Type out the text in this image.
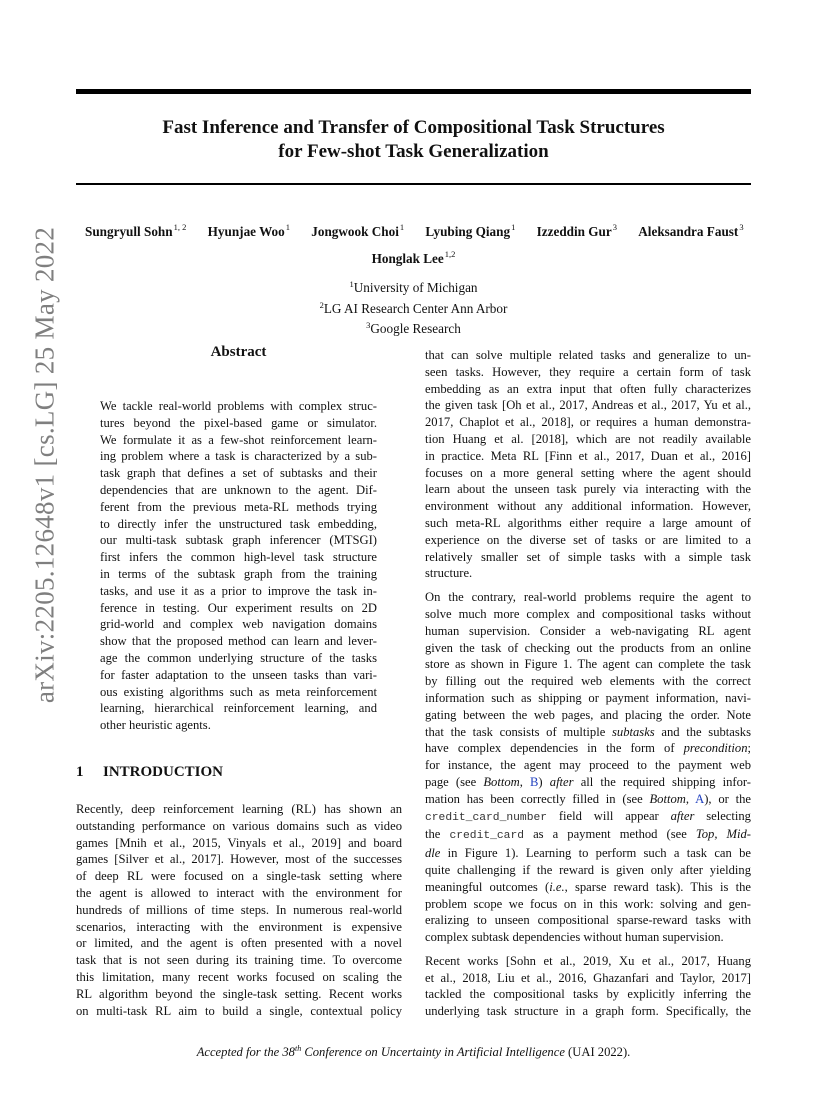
Fast Inference and Transfer of Compositional Task Structures
for Few-shot Task Generalization
Sungryull Sohn$^{1, 2}$ Hyunjae Woo$^1$ Jongwook Choi$^1$ Lyubing Qiang$^1$ Izzeddin Gur$^3$ Aleksandra Faust$^3$
Honglak Lee$^{1,2}$
$^1$University of Michigan
$^2$LG AI Research Center Ann Arbor
$^3$Google Research
arXiv:2205.12648v1 [cs.LG] 25 May 2022	Abstract
We tackle real-world problems with complex struc-
tures beyond the pixel-based game or simulator.
We formulate it as a few-shot reinforcement learn-
ing problem where a task is characterized by a sub-
task graph that defines a set of subtasks and their
dependencies that are unknown to the agent. Dif-
ferent from the previous meta-RL methods trying
to directly infer the unstructured task embedding,
our multi-task subtask graph inferencer (MTSGI)
first infers the common high-level task structure
in terms of the subtask graph from the training
tasks, and use it as a prior to improve the task in-
ference in testing. Our experiment results on 2D
grid-world and complex web navigation domains
show that the proposed method can learn and lever-
age the common underlying structure of the tasks
for faster adaptation to the unseen tasks than vari-
ous existing algorithms such as meta reinforcement
learning, hierarchical reinforcement learning, and
other heuristic agents.
1 INTRODUCTION
Recently, deep reinforcement learning (RL) has shown an
outstanding performance on various domains such as video
games [Mnih et al., 2015, Vinyals et al., 2019] and board
games [Silver et al., 2017]. However, most of the successes
of deep RL were focused on a single-task setting where
the agent is allowed to interact with the environment for
hundreds of millions of time steps. In numerous real-world
scenarios, interacting with the environment is expensive
or limited, and the agent is often presented with a novel
task that is not seen during its training time. To overcome
this limitation, many recent works focused on scaling the
RL algorithm beyond the single-task setting. Recent works
on multi-task RL aim to build a single, contextual policy
that can solve multiple related tasks and generalize to un-
seen tasks. However, they require a certain form of task
embedding as an extra input that often fully characterizes
the given task [Oh et al., 2017, Andreas et al., 2017, Yu et al.,
2017, Chaplot et al., 2018], or requires a human demonstra-
tion Huang et al. [2018], which are not readily available
in practice. Meta RL [Finn et al., 2017, Duan et al., 2016]
focuses on a more general setting where the agent should
learn about the unseen task purely via interacting with the
environment without any additional information. However,
such meta-RL algorithms either require a large amount of
experience on the diverse set of tasks or are limited to a
relatively smaller set of simple tasks with a simple task
structure.
On the contrary, real-world problems require the agent to
solve much more complex and compositional tasks without
human supervision. Consider a web-navigating RL agent
given the task of checking out the products from an online
store as shown in Figure 1. The agent can complete the task
by filling out the required web elements with the correct
information such as shipping or payment information, navi-
gating between the web pages, and placing the order. Note
that the task consists of multiple subtasks and the subtasks
have complex dependencies in the form of precondition;
for instance, the agent may proceed to the payment web
page (see Bottom, B) after all the required shipping infor-
mation has been correctly filled in (see Bottom, A), or the
credit_card_number field will appear after selecting
the credit_card as a payment method (see Top, Mid-
dle in Figure 1). Learning to perform such a task can be
quite challenging if the reward is given only after yielding
meaningful outcomes (i.e., sparse reward task). This is the
problem scope we focus on in this work: solving and gen-
eralizing to unseen compositional sparse-reward tasks with
complex subtask dependencies without human supervision.
Recent works [Sohn et al., 2019, Xu et al., 2017, Huang
et al., 2018, Liu et al., 2016, Ghazanfari and Taylor, 2017]
tackled the compositional tasks by explicitly inferring the
underlying task structure in a graph form. Specifically, the
Accepted for the 38th Conference on Uncertainty in Artificial Intelligence (UAI 2022).
